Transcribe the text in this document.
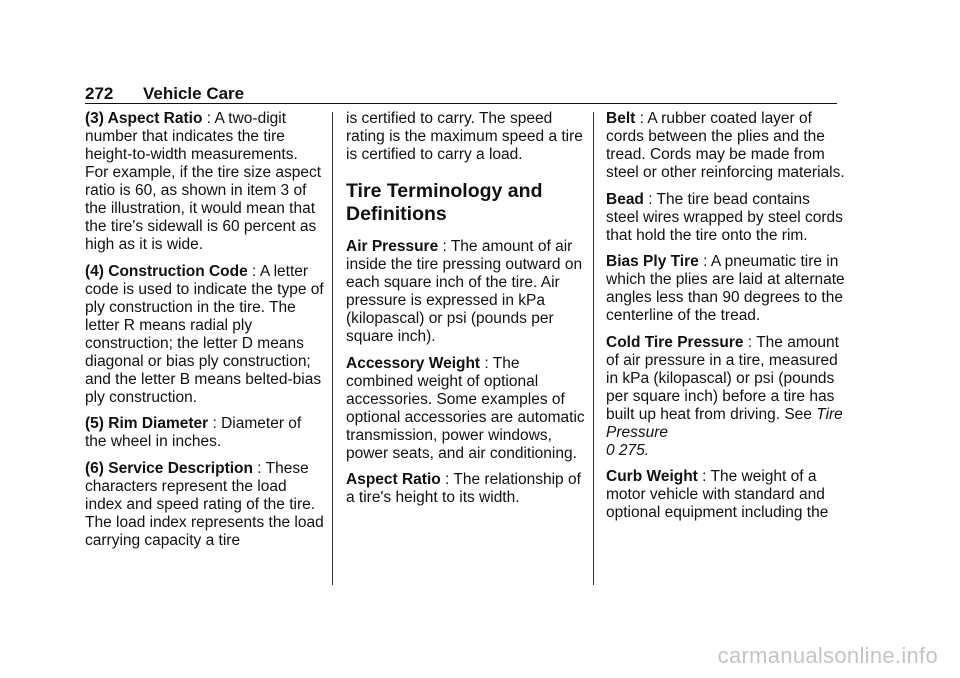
272 Vehicle Care

(3) Aspect Ratio : A two-digit number that indicates the tire height-to-width measurements. For example, if the tire size aspect ratio is 60, as shown in item 3 of the illustration, it would mean that the tire's sidewall is 60 percent as high as it is wide.

(4) Construction Code : A letter code is used to indicate the type of ply construction in the tire. The letter R means radial ply construction; the letter D means diagonal or bias ply construction; and the letter B means belted-bias ply construction.

(5) Rim Diameter : Diameter of the wheel in inches.

(6) Service Description : These characters represent the load index and speed rating of the tire. The load index represents the load carrying capacity a tire

is certified to carry. The speed rating is the maximum speed a tire is certified to carry a load.

Tire Terminology and Definitions

Air Pressure : The amount of air inside the tire pressing outward on each square inch of the tire. Air pressure is expressed in kPa (kilopascal) or psi (pounds per square inch).

Accessory Weight : The combined weight of optional accessories. Some examples of optional accessories are automatic transmission, power windows, power seats, and air conditioning.

Aspect Ratio : The relationship of a tire's height to its width.

Belt : A rubber coated layer of cords between the plies and the tread. Cords may be made from steel or other reinforcing materials.

Bead : The tire bead contains steel wires wrapped by steel cords that hold the tire onto the rim.

Bias Ply Tire : A pneumatic tire in which the plies are laid at alternate angles less than 90 degrees to the centerline of the tread.

Cold Tire Pressure : The amount of air pressure in a tire, measured in kPa (kilopascal) or psi (pounds per square inch) before a tire has built up heat from driving. See Tire Pressure
0 275.

Curb Weight : The weight of a motor vehicle with standard and optional equipment including the

carmanualsonline.info
